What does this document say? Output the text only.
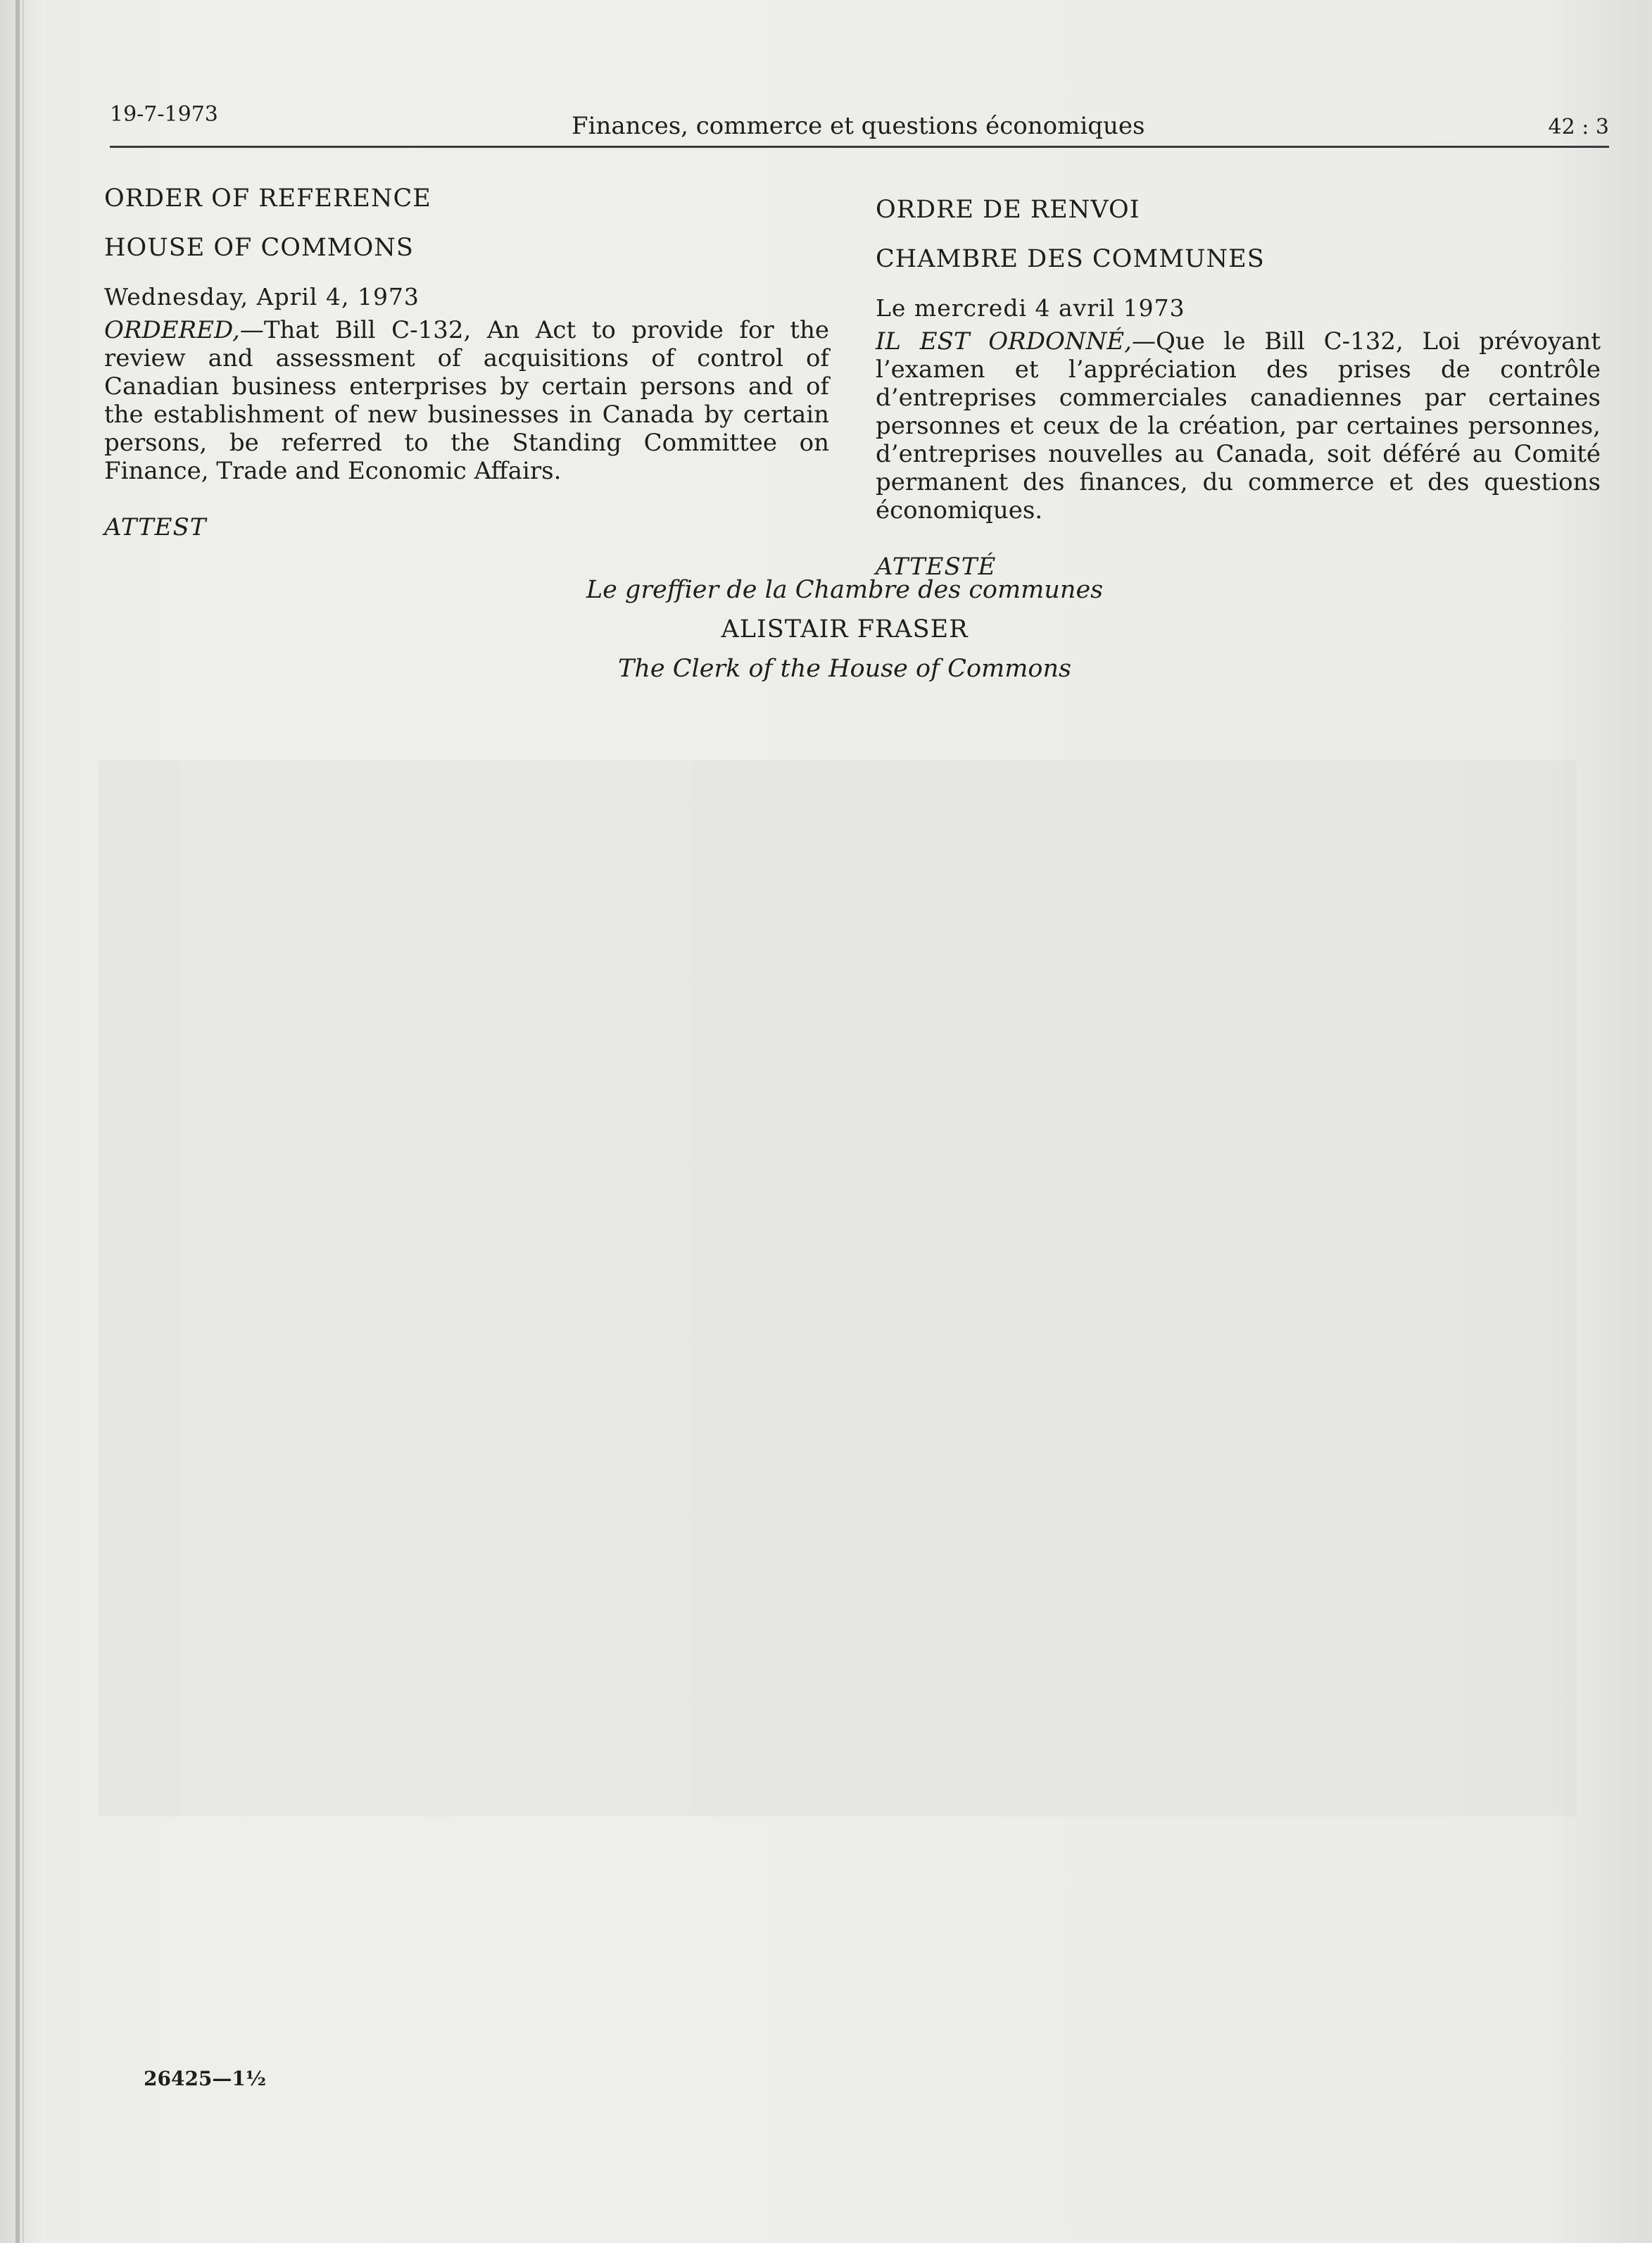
19-7-1973	Finances, commerce et questions économiques	42 : 3

ORDER OF REFERENCE

HOUSE OF COMMONS

Wednesday, April 4, 1973

ORDERED,—That Bill C-132, An Act to provide for the review and assessment of acquisitions of control of Canadian business enterprises by certain persons and of the establishment of new businesses in Canada by certain persons, be referred to the Standing Committee on Finance, Trade and Economic Affairs.

ATTEST

ORDRE DE RENVOI

CHAMBRE DES COMMUNES

Le mercredi 4 avril 1973

IL EST ORDONNÉ,—Que le Bill C-132, Loi prévoyant l’examen et l’appréciation des prises de contrôle d’entreprises commerciales canadiennes par certaines personnes et ceux de la création, par certaines personnes, d’entreprises nouvelles au Canada, soit déféré au Comité permanent des finances, du commerce et des questions économiques.

ATTESTÉ

Le greffier de la Chambre des communes
ALISTAIR FRASER
The Clerk of the House of Commons
26425—1½
